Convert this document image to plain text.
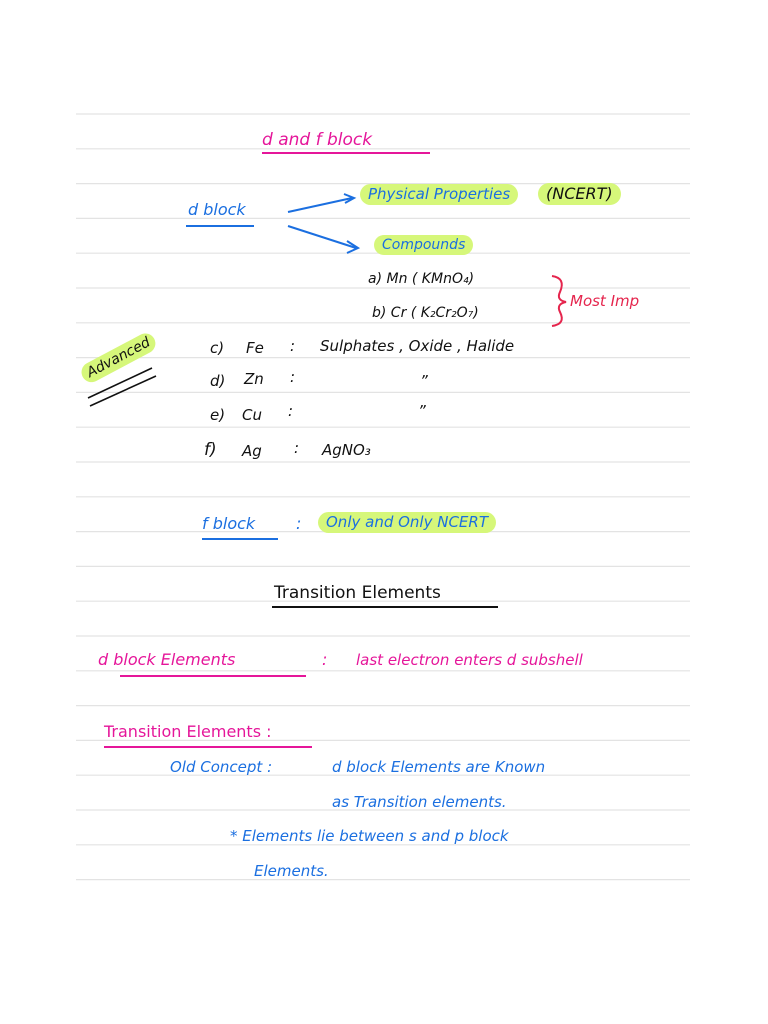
d and f block
d block
Physical Properties	(NCERT)
Compounds
a) Mn ( KMnO₄)
b) Cr ( K₂Cr₂O₇)
Most Imp
Advanced	c) Fe : Sulphates , Oxide , Halide
d) Zn :	”
e) Cu :	”
f) Ag : AgNO₃
f block	:	Only and Only NCERT
Transition Elements
d block Elements	: last electron enters d subshell
Transition Elements :
Old Concept :	d block Elements are Known
as Transition elements.
* Elements lie between s and p block
Elements.
